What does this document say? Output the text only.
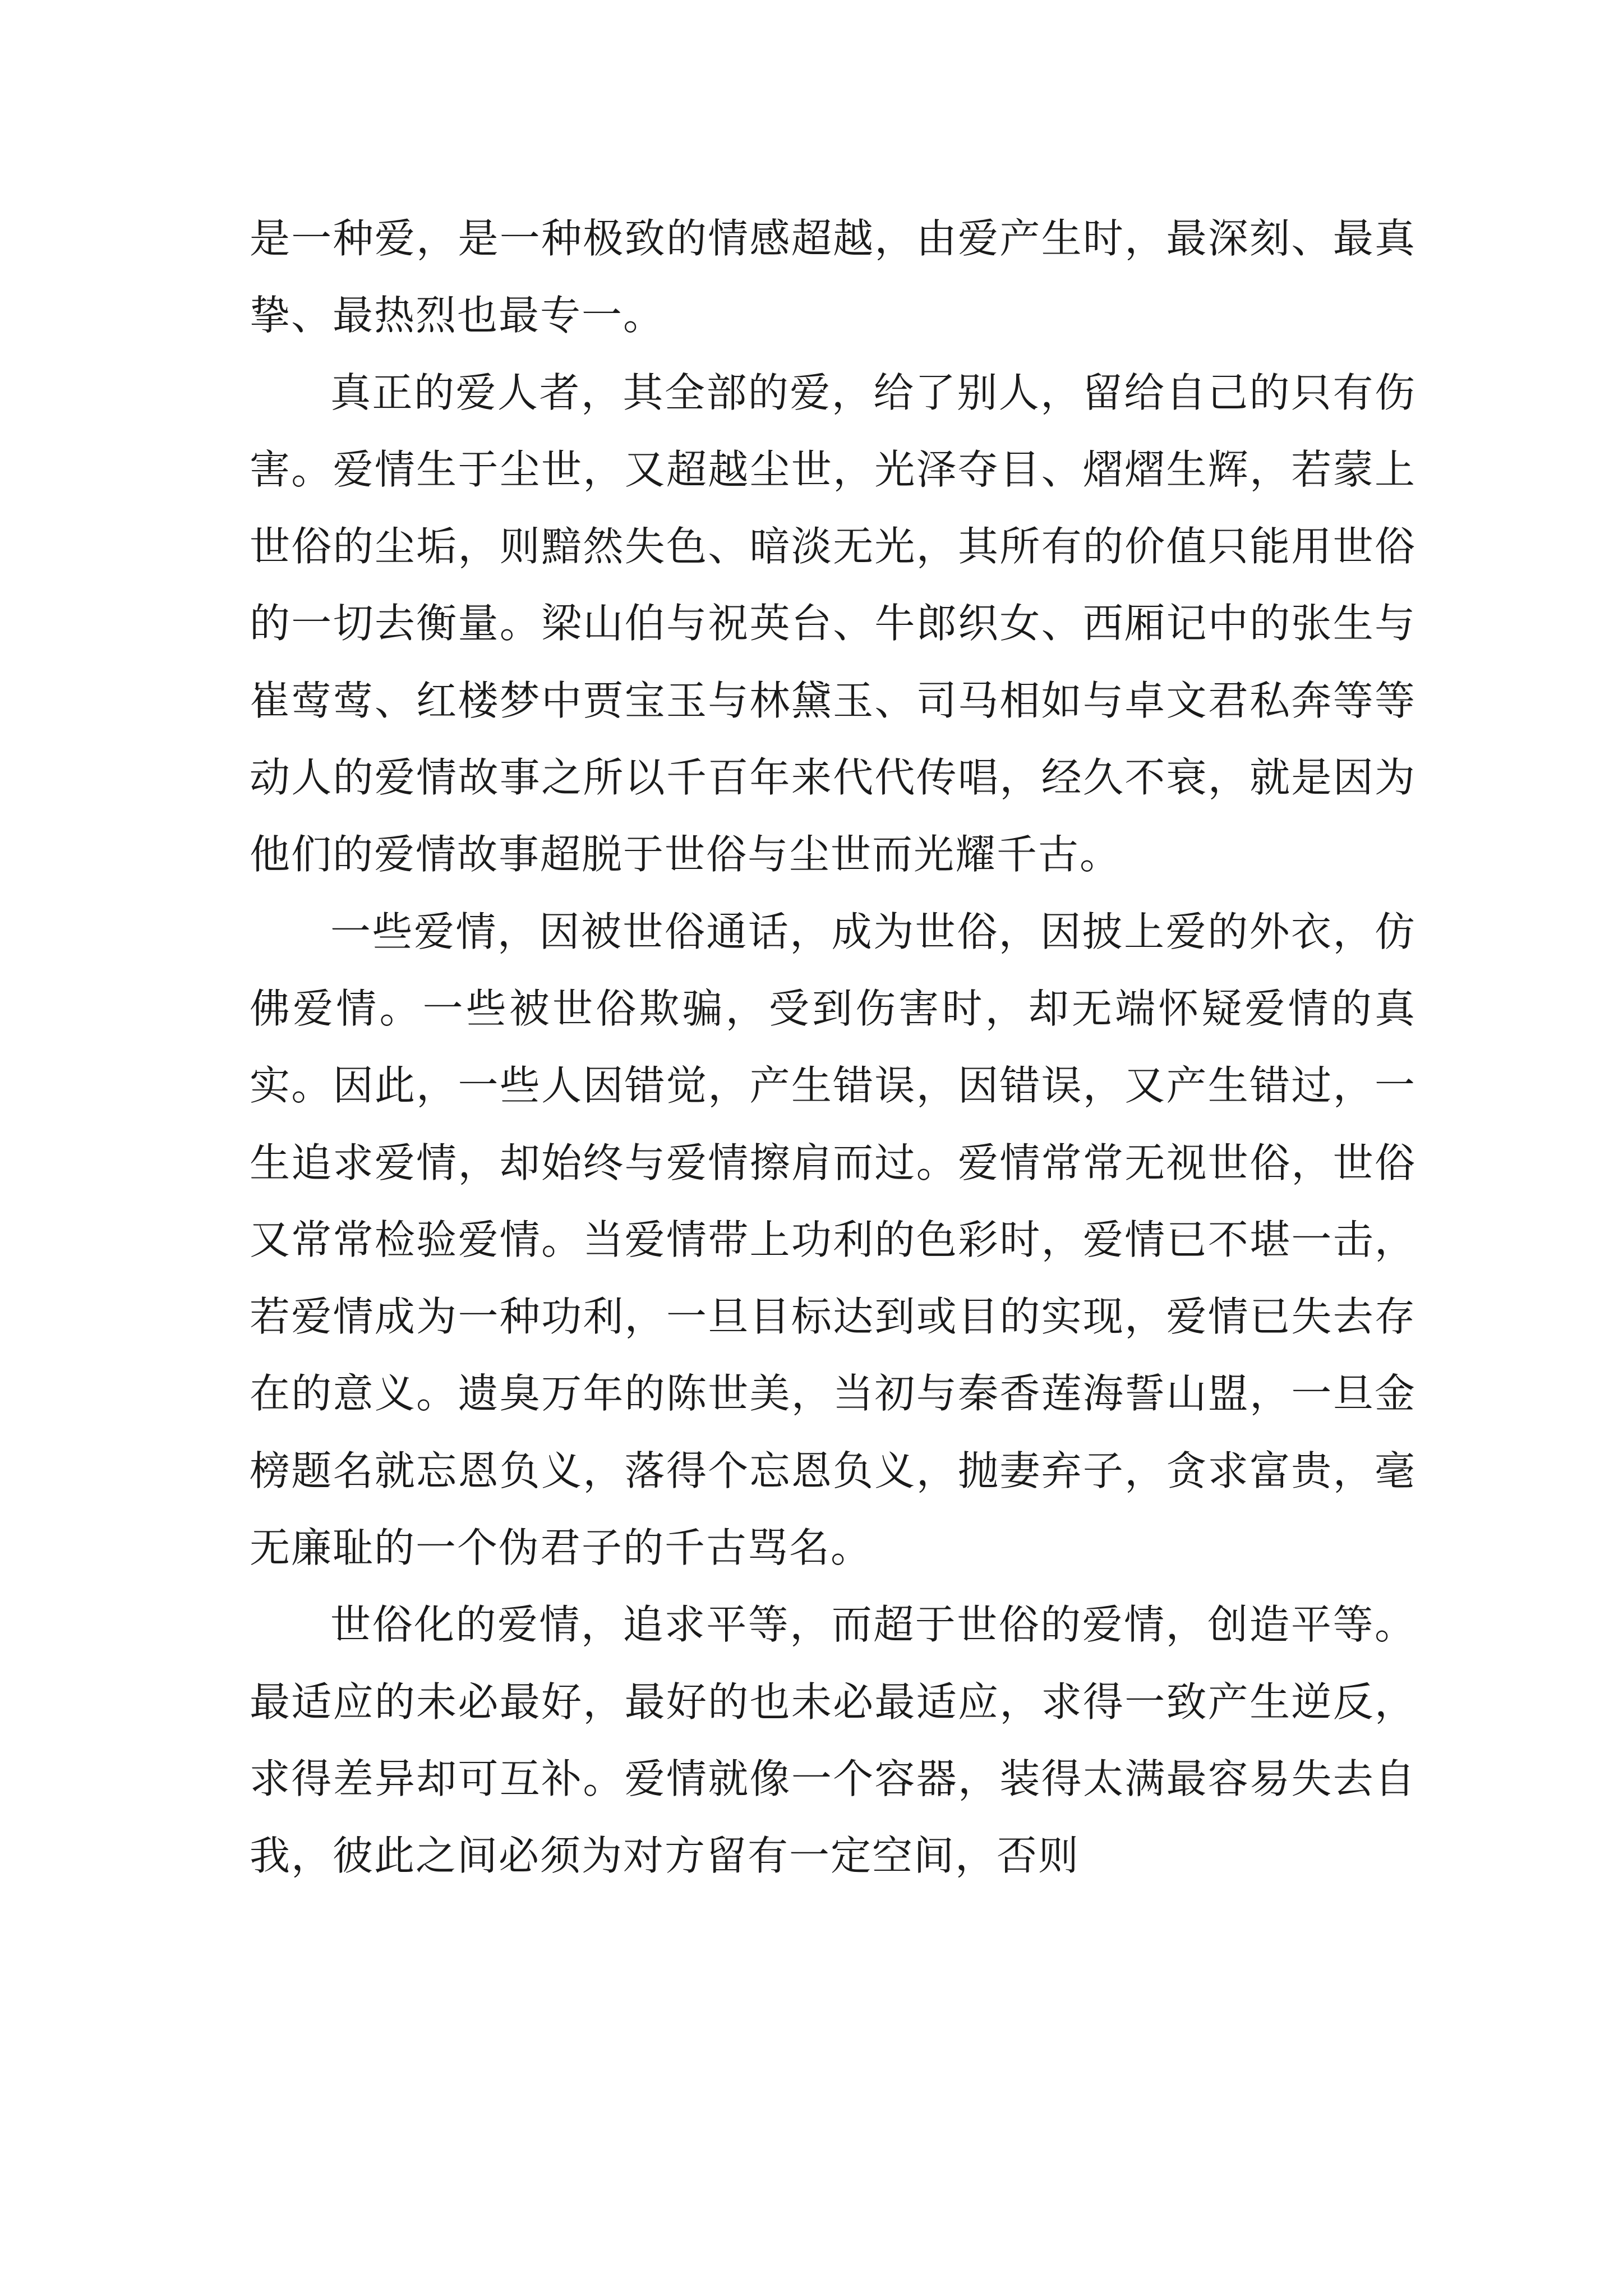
是一种爱，是一种极致的情感超越，由爱产生时，最深刻、最真挚、最热烈也最专一。

真正的爱人者，其全部的爱，给了别人，留给自己的只有伤害。爱情生于尘世，又超越尘世，光泽夺目、熠熠生辉，若蒙上世俗的尘垢，则黯然失色、暗淡无光，其所有的价值只能用世俗的一切去衡量。梁山伯与祝英台、牛郎织女、西厢记中的张生与崔莺莺、红楼梦中贾宝玉与林黛玉、司马相如与卓文君私奔等等动人的爱情故事之所以千百年来代代传唱，经久不衰，就是因为他们的爱情故事超脱于世俗与尘世而光耀千古。

一些爱情，因被世俗通话，成为世俗，因披上爱的外衣，仿佛爱情。一些被世俗欺骗，受到伤害时，却无端怀疑爱情的真实。因此，一些人因错觉，产生错误，因错误，又产生错过，一生追求爱情，却始终与爱情擦肩而过。爱情常常无视世俗，世俗又常常检验爱情。当爱情带上功利的色彩时，爱情已不堪一击，若爱情成为一种功利，一旦目标达到或目的实现，爱情已失去存在的意义。遗臭万年的陈世美，当初与秦香莲海誓山盟，一旦金榜题名就忘恩负义，落得个忘恩负义，抛妻弃子，贪求富贵，毫无廉耻的一个伪君子的千古骂名。

世俗化的爱情，追求平等，而超于世俗的爱情，创造平等。最适应的未必最好，最好的也未必最适应，求得一致产生逆反，求得差异却可互补。爱情就像一个容器，装得太满最容易失去自我，彼此之间必须为对方留有一定空间，否则
